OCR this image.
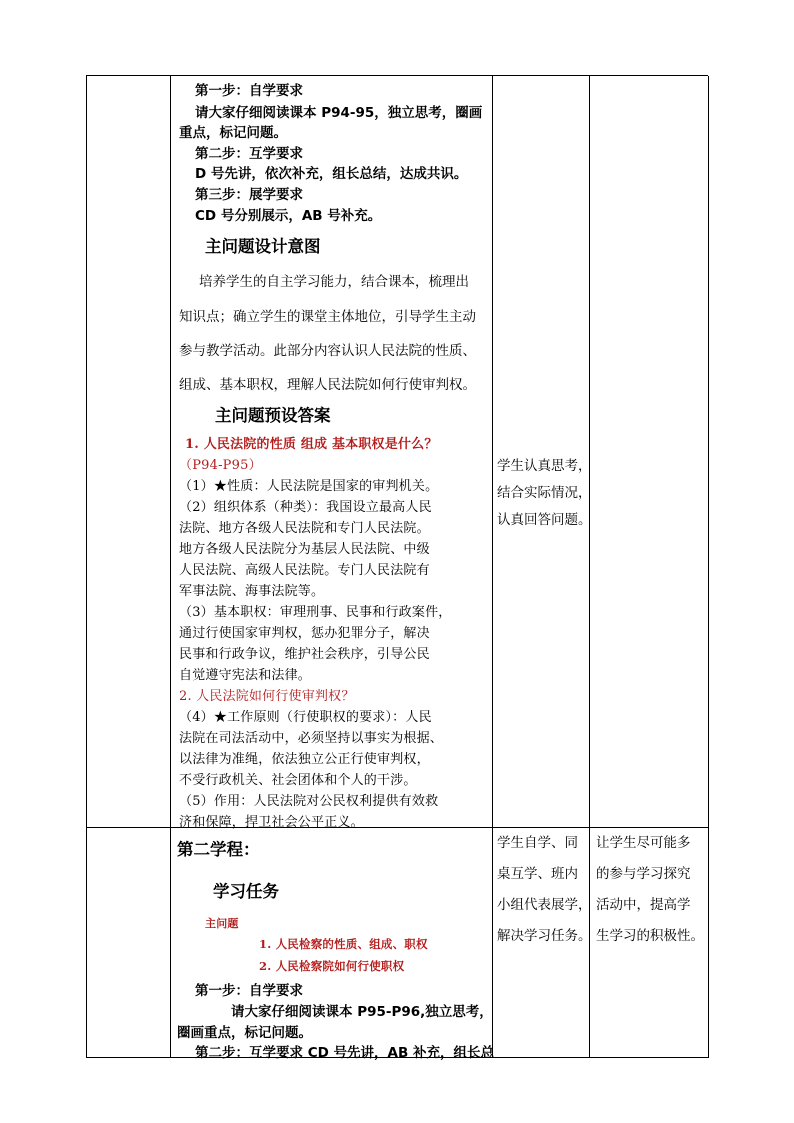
第一步：自学要求
请大家仔细阅读课本 P94-95，独立思考，圈画
重点，标记问题。
第二步：互学要求
D 号先讲，依次补充，组长总结，达成共识。
第三步：展学要求
CD 号分别展示，AB 号补充。
主问题设计意图
培养学生的自主学习能力，结合课本，梳理出
知识点；确立学生的课堂主体地位，引导学生主动
参与教学活动。此部分内容认识人民法院的性质、
组成、基本职权，理解人民法院如何行使审判权。
主问题预设答案
1. 人民法院的性质 组成 基本职权是什么？
（P94-P95）
（1）★性质：人民法院是国家的审判机关。
（2）组织体系（种类）：我国设立最高人民
法院、地方各级人民法院和专门人民法院。
地方各级人民法院分为基层人民法院、中级
人民法院、高级人民法院。专门人民法院有
军事法院、海事法院等。
（3）基本职权：审理刑事、民事和行政案件，
通过行使国家审判权，惩办犯罪分子，解决
民事和行政争议，维护社会秩序，引导公民
自觉遵守宪法和法律。
2. 人民法院如何行使审判权？
（4）★工作原则（行使职权的要求）：人民
法院在司法活动中，必须坚持以事实为根据、
以法律为准绳，依法独立公正行使审判权，
不受行政机关、社会团体和个人的干涉。
（5）作用：人民法院对公民权利提供有效救
济和保障，捍卫社会公平正义。
学生认真思考，
结合实际情况，
认真回答问题。
第二学程：
学习任务
主问题
1. 人民检察的性质、组成、职权
2. 人民检察院如何行使职权
第一步：自学要求
请大家仔细阅读课本 P95-P96,独立思考，
圈画重点，标记问题。
第二步：互学要求 CD 号先讲，AB 补充，组长总
学生自学、同
桌互学、班内
小组代表展学，
解决学习任务。
让学生尽可能多
的参与学习探究
活动中，提高学
生学习的积极性。
